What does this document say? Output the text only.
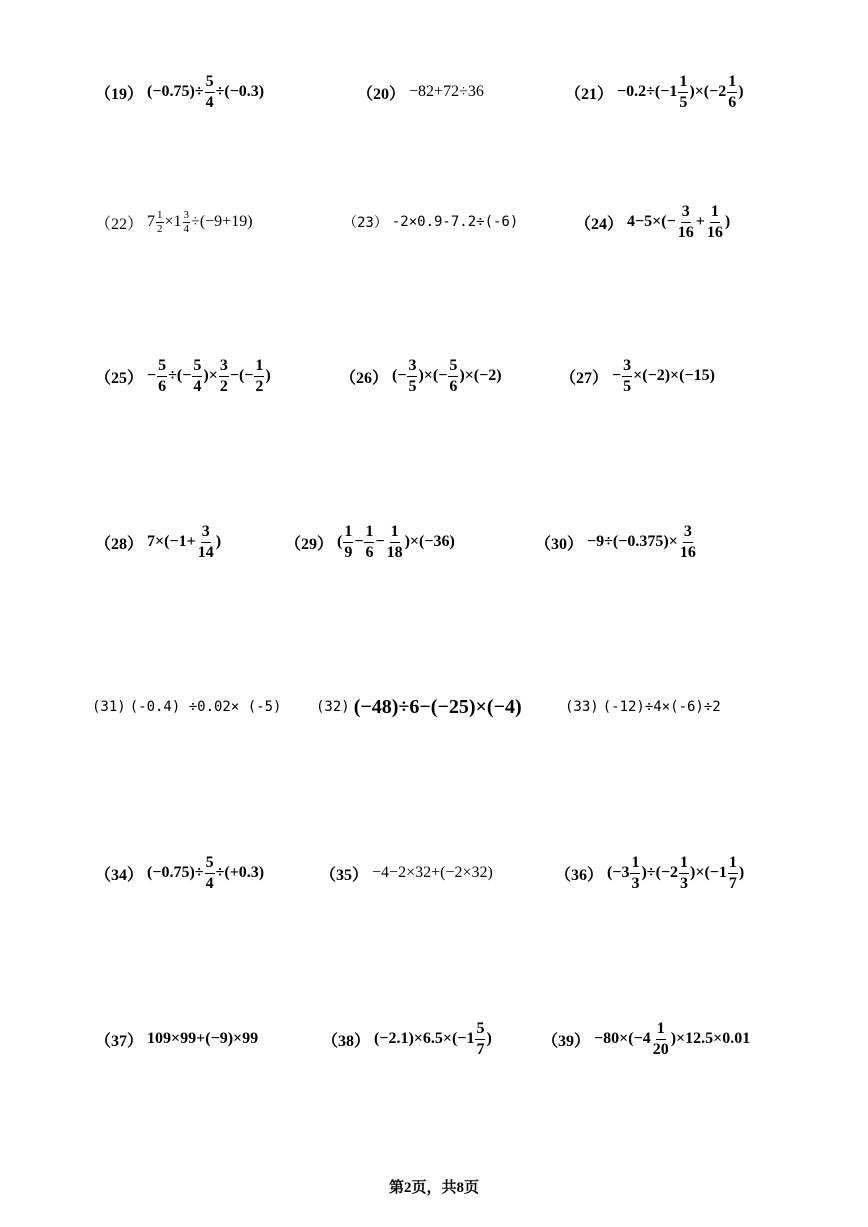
（19） $(-0.75)\div \frac{5}{4} \div(-0.3)$	（20） −82+72÷36	$(21) -0.2\div(-1 \frac{1}{5} )\times(-2 \frac{1}{6}$ )
（22） $7 \frac{1}{2} \times 1 \frac{3}{4} \div(-9+19)$	（23） -2×0.9-7.2÷(-6)	（24） $4-5\times(- \frac{3}{16} + \frac{1}{16}$ )
$(25) - \frac{5}{6}$ ÷(− $\frac{5}{4}$ )× $\frac{3}{2}$ −(− $\frac{1}{2}$ )	（26） (− $\frac{3}{5}$ )×(− $\frac{5}{6} )\times(-2)$	$(27) - \frac{3}{5} \times(-2)\times(-15)$
（28） $7\times(-1+ \frac{3}{14}$ )	（29） ( $\frac{1}{9} - \frac{1}{6} - \frac{1}{18} )\times(-36)$	$(30) -9\div(-0.375)\times \frac{3}{16}$
(31) (-0.4) ÷0.02× (-5) (32) (−48)÷6−(−25)×(−4)	(33) (-12)÷4×(-6)÷2
（34） $(-0.75)\div \frac{5}{4} \div(+0.3)$	（35） −4−2×32+(−2×32)	（36） $(-3 \frac{1}{3} )\div(-2 \frac{1}{3} )\times(-1 \frac{1}{7}$ )
（37） 109×99+(−9)×99	（38） $(-2.1)\times 6.5\times(-1 \frac{5}{7}$ )	$(39) -80\times(-4 \frac{1}{20} )\times 12.5\times 0.01$
第2页，共8页
